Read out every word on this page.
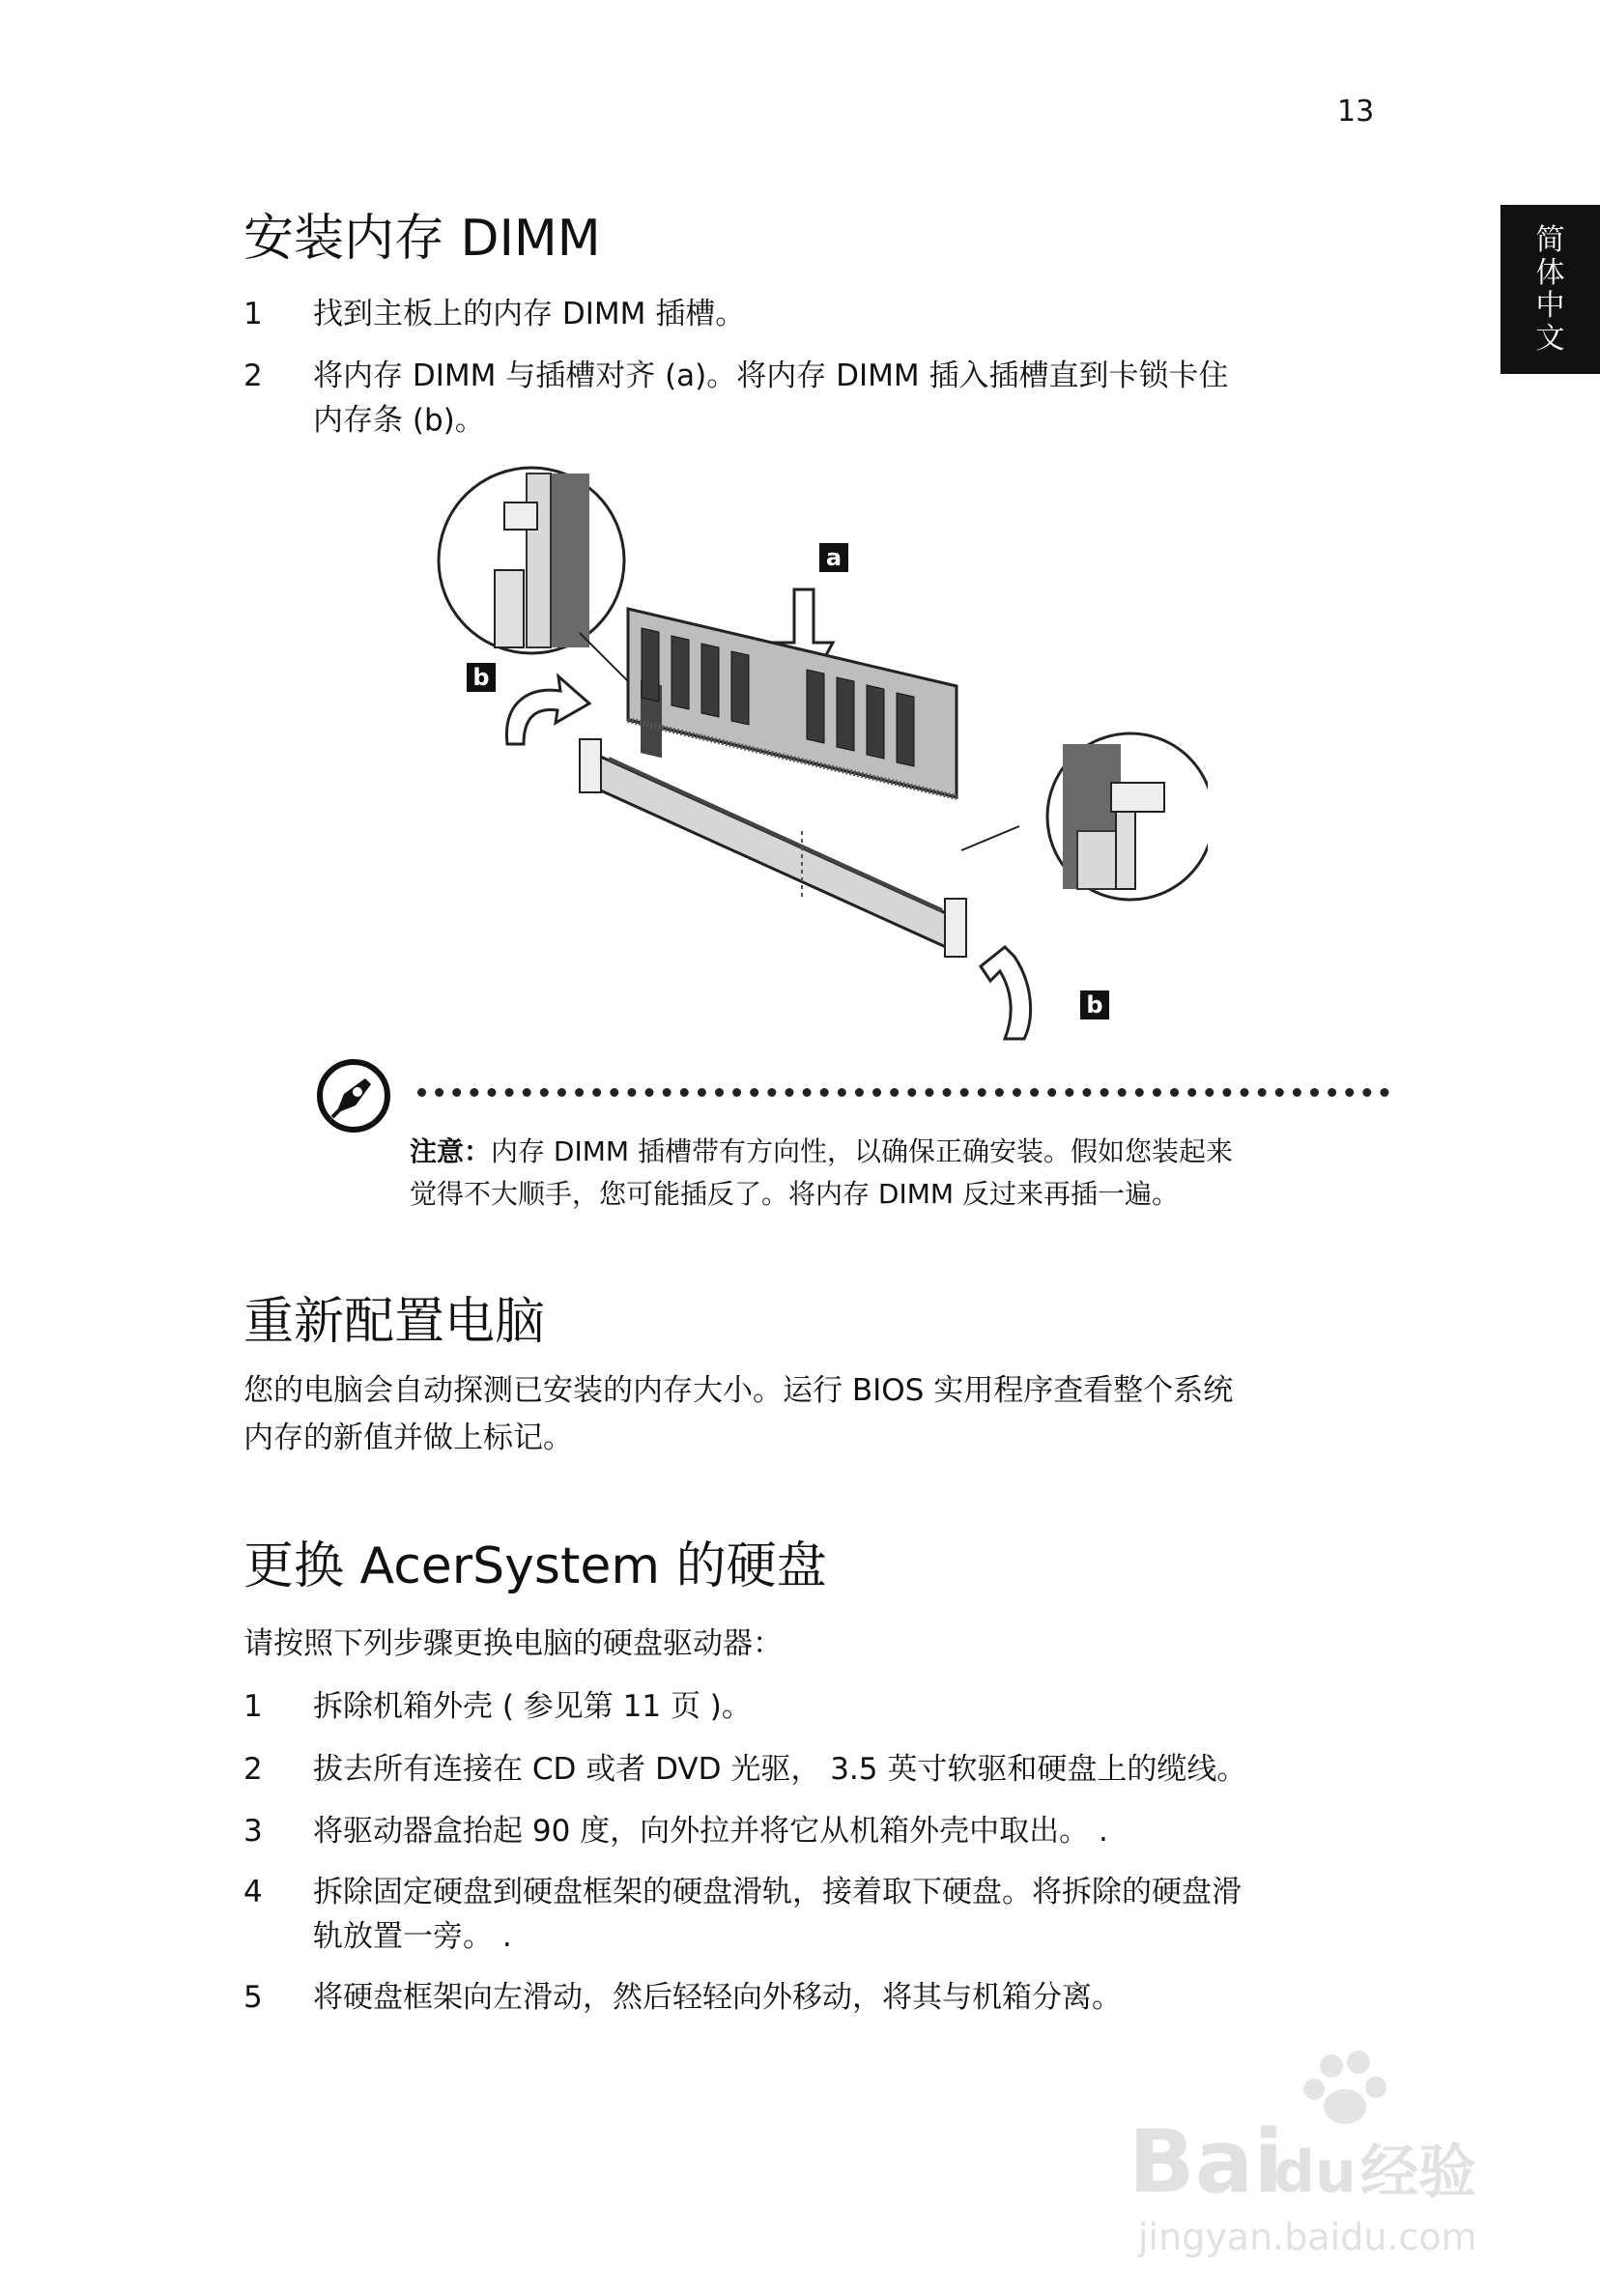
13
简
体
中
文
安装内存 DIMM
1	找到主板上的内存 DIMM 插槽。
2	将内存 DIMM 与插槽对齐 (a)。将内存 DIMM 插入插槽直到卡锁卡住
内存条 (b)。
a
b
b
注意：内存 DIMM 插槽带有方向性，以确保正确安装。假如您装起来
觉得不大顺手，您可能插反了。将内存 DIMM 反过来再插一遍。
重新配置电脑
您的电脑会自动探测已安装的内存大小。运行 BIOS 实用程序查看整个系统
内存的新值并做上标记。
更换 AcerSystem 的硬盘
请按照下列步骤更换电脑的硬盘驱动器：
1	拆除机箱外壳 ( 参见第 11 页 )。
2	拔去所有连接在 CD 或者 DVD 光驱， 3.5 英寸软驱和硬盘上的缆线。
3	将驱动器盒抬起 90 度，向外拉并将它从机箱外壳中取出。 .
4	拆除固定硬盘到硬盘框架的硬盘滑轨，接着取下硬盘。将拆除的硬盘滑
轨放置一旁。 .
5	将硬盘框架向左滑动，然后轻轻向外移动，将其与机箱分离。
Bai
du 经验
jingyan.baidu.com
